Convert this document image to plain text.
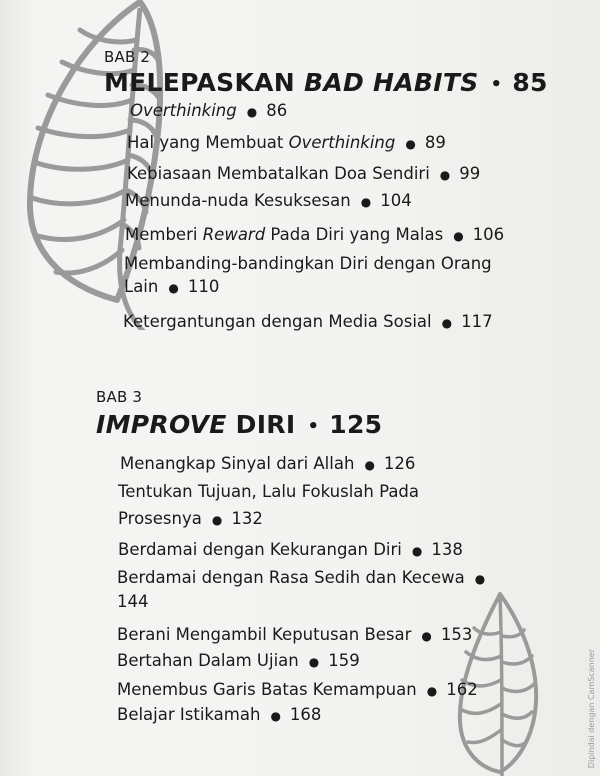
BAB 2
MELEPASKAN BAD HABITS • 85
Overthinking ● 86
Hal yang Membuat Overthinking ● 89
Kebiasaan Membatalkan Doa Sendiri ● 99
Menunda-nuda Kesuksesan ● 104
Memberi Reward Pada Diri yang Malas ● 106
Membanding-bandingkan Diri dengan Orang
Lain ● 110
Ketergantungan dengan Media Sosial ● 117
BAB 3
IMPROVE DIRI • 125
Menangkap Sinyal dari Allah ● 126
Tentukan Tujuan, Lalu Fokuslah Pada
Prosesnya ● 132
Berdamai dengan Kekurangan Diri ● 138
Berdamai dengan Rasa Sedih dan Kecewa ●
144
Berani Mengambil Keputusan Besar ● 153
Bertahan Dalam Ujian ● 159
Menembus Garis Batas Kemampuan ● 162
Belajar Istikamah ● 168	Dipindai dengan CamScanner
